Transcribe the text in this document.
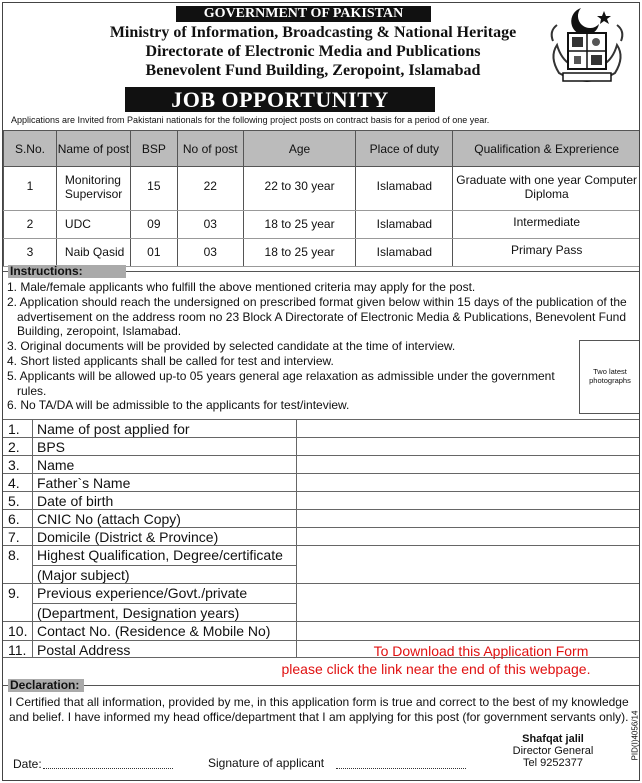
GOVERNMENT OF PAKISTAN
Ministry of Information, Broadcasting & National Heritage
Directorate of Electronic Media and Publications
Benevolent Fund Building, Zeropoint, Islamabad
JOB OPPORTUNITY
Applications are Invited from Pakistani nationals for the following project posts on contract basis for a period of one year.
S.No.	Name of post	BSP	No of post	Age	Place of duty	Qualification & Exprerience
1	Monitoring Supervisor	15	22	22 to 30 year	Islamabad	Graduate with one year Computer Diploma
2	UDC	09	03	18 to 25 year	Islamabad	Intermediate
3	Naib Qasid	01	03	18 to 25 year	Islamabad	Primary Pass
Instructions:
1. Male/female applicants who fulfill the above mentioned criteria may apply for the post.
2. Application should reach the undersigned on prescribed format given below within 15 days of the publication of the advertisement on the address room no 23 Block A Directorate of Electronic Media & Publications, Benevolent Fund Building, zeropoint, Islamabad.
3. Original documents will be provided by selected candidate at the time of interview.
4. Short listed applicants shall be called for test and interview.
5. Applicants will be allowed up-to 05 years general age relaxation as admissible under the government rules.
6. No TA/DA will be admissible to the applicants for test/inteview.
Two latest photographs
1.	Name of post applied for
2.	BPS
3.	Name
4.	Father`s Name
5.	Date of birth
6.	CNIC No (attach Copy)
7.	Domicile (District & Province)
8.	Highest Qualification, Degree/certificate
(Major subject)
9.	Previous experience/Govt./private
(Department, Designation years)
10. Contact No. (Residence & Mobile No)
11. Postal Address	To Download this Application Form
please click the link near the end of this webpage.
Declaration:
I Certified that all information, provided by me, in this application form is true and correct to the best of my knowledge and belief. I have informed my head office/department that I am applying for this post (for government servants only).
Date:	Signature of applicant
Shafqat jalil
Director General
Tel 9252377
PID(I)4056/14
